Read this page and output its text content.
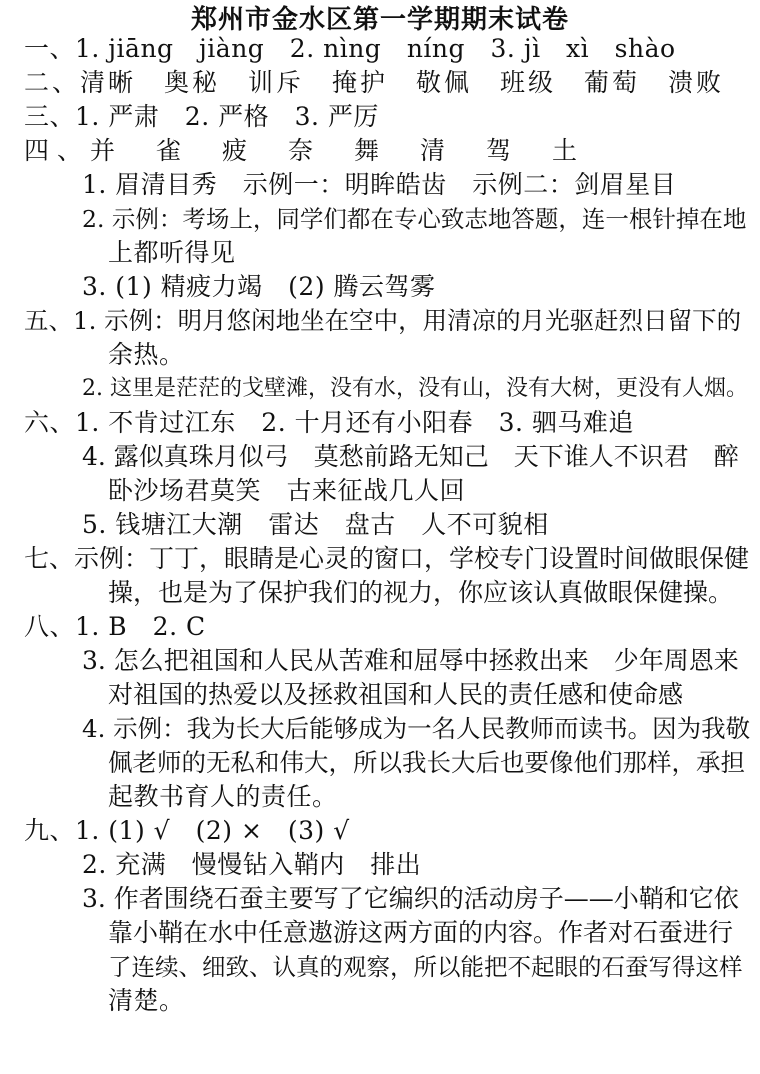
郑州市金水区第一学期期末试卷
一、1. jiāng　jiàng　2. nìng　níng　3. jì　xì　shào
二、清晰　奥秘　训斥　掩护　敬佩　班级　葡萄　溃败
三、1. 严肃　2. 严格　3. 严厉
四、并　雀　疲　奈　舞　清　驾　土
1. 眉清目秀　示例一：明眸皓齿　示例二：剑眉星目
2. 示例：考场上，同学们都在专心致志地答题，连一根针掉在地
上都听得见
3. (1) 精疲力竭　(2) 腾云驾雾
五、1. 示例：明月悠闲地坐在空中，用清凉的月光驱赶烈日留下的
余热。
2. 这里是茫茫的戈壁滩，没有水，没有山，没有大树，更没有人烟。
六、1. 不肯过江东　2. 十月还有小阳春　3. 驷马难追
4. 露似真珠月似弓　莫愁前路无知己　天下谁人不识君　醉
卧沙场君莫笑　古来征战几人回
5. 钱塘江大潮　雷达　盘古　人不可貌相
七、示例：丁丁，眼睛是心灵的窗口，学校专门设置时间做眼保健
操，也是为了保护我们的视力，你应该认真做眼保健操。
八、1. B　2. C
3. 怎么把祖国和人民从苦难和屈辱中拯救出来　少年周恩来
对祖国的热爱以及拯救祖国和人民的责任感和使命感
4. 示例：我为长大后能够成为一名人民教师而读书。因为我敬
佩老师的无私和伟大，所以我长大后也要像他们那样，承担
起教书育人的责任。
九、1. (1) √　(2) ×　(3) √
2. 充满　慢慢钻入鞘内　排出
3. 作者围绕石蚕主要写了它编织的活动房子——小鞘和它依
靠小鞘在水中任意遨游这两方面的内容。作者对石蚕进行
了连续、细致、认真的观察，所以能把不起眼的石蚕写得这样
清楚。
